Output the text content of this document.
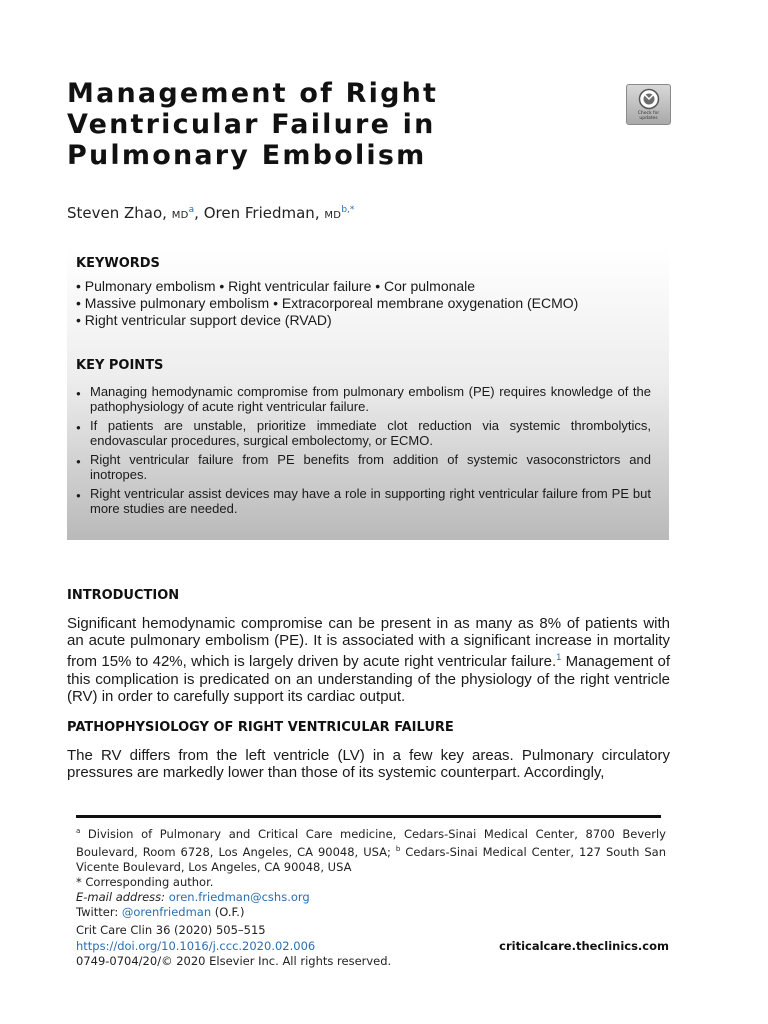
Management of Right
Ventricular Failure in
Pulmonary Embolism
Check for updates
Steven Zhao, $MD^a$, Oren Friedman, $MD^{b,*}$
KEYWORDS
• Pulmonary embolism • Right ventricular failure • Cor pulmonale
• Massive pulmonary embolism • Extracorporeal membrane oxygenation (ECMO)
• Right ventricular support device (RVAD)
KEY POINTS
● Managing hemodynamic compromise from pulmonary embolism (PE) requires knowledge of the pathophysiology of acute right ventricular failure.
● If patients are unstable, prioritize immediate clot reduction via systemic thrombolytics, endovascular procedures, surgical embolectomy, or ECMO.
● Right ventricular failure from PE benefits from addition of systemic vasoconstrictors and inotropes.
● Right ventricular assist devices may have a role in supporting right ventricular failure from PE but more studies are needed.
INTRODUCTION

Significant hemodynamic compromise can be present in as many as 8% of patients with an acute pulmonary embolism (PE). It is associated with a significant increase in mortality from 15% to 42%, which is largely driven by acute right ventricular failure.$^1$ Management of this complication is predicated on an understanding of the physiology of the right ventricle (RV) in order to carefully support its cardiac output.

PATHOPHYSIOLOGY OF RIGHT VENTRICULAR FAILURE

The RV differs from the left ventricle (LV) in a few key areas. Pulmonary circulatory pressures are markedly lower than those of its systemic counterpart. Accordingly,

$^a$ Division of Pulmonary and Critical Care medicine, Cedars-Sinai Medical Center, 8700 Beverly Boulevard, Room 6728, Los Angeles, CA 90048, USA; $^b$ Cedars-Sinai Medical Center, 127 South San Vicente Boulevard, Los Angeles, CA 90048, USA

* Corresponding author.

E-mail address: oren.friedman@cshs.org

Twitter: @orenfriedman (O.F.)

Crit Care Clin 36 (2020) 505–515

https://doi.org/10.1016/j.ccc.2020.02.006

0749-0704/20/© 2020 Elsevier Inc. All rights reserved.

criticalcare.theclinics.com
